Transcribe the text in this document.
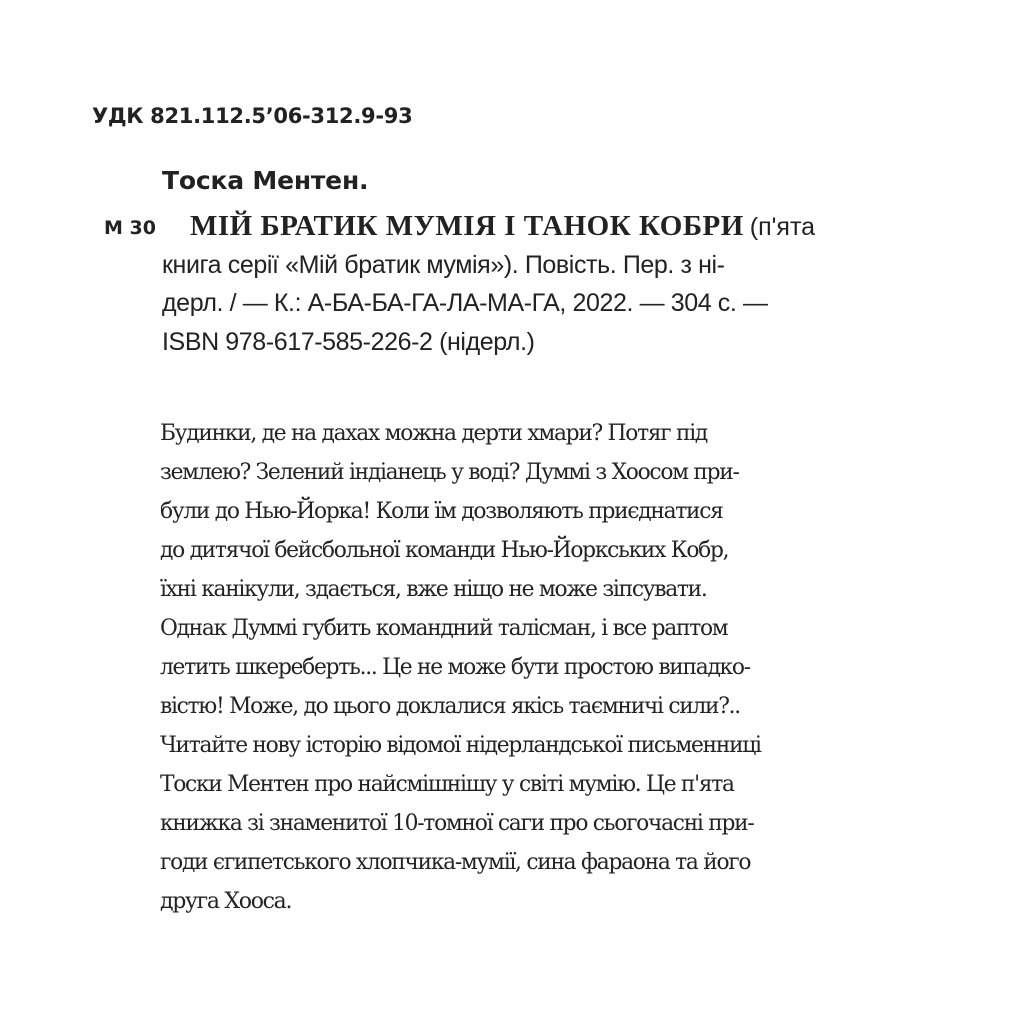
УДК 821.112.5’06-312.9-93
Тоска Ментен.
М 30 МІЙ БРАТИК МУМІЯ І ТАНОК КОБРИ (п'ята
книга серії «Мій братик мумія»). Повість. Пер. з ні-
дерл. / — К.: А-БА-БА-ГА-ЛА-МА-ГА, 2022. — 304 с. —
ISBN 978-617-585-226-2 (нідерл.)
Будинки, де на дахах можна дерти хмари? Потяг під
землею? Зелений індіанець у воді? Думмі з Хоосом при-
були до Нью-Йорка! Коли їм дозволяють приєднатися
до дитячої бейсбольної команди Нью-Йоркських Кобр,
їхні канікули, здається, вже ніщо не може зіпсувати.
Однак Думмі губить командний талісман, і все раптом
летить шкереберть... Це не може бути простою випадко-
вістю! Може, до цього доклалися якісь таємничі сили?..
Читайте нову історію відомої нідерландської письменниці
Тоски Ментен про найсмішнішу у світі мумію. Це п'ята
книжка зі знаменитої 10-томної саги про сьогочасні при-
годи єгипетського хлопчика-мумії, сина фараона та його
друга Хооса.
